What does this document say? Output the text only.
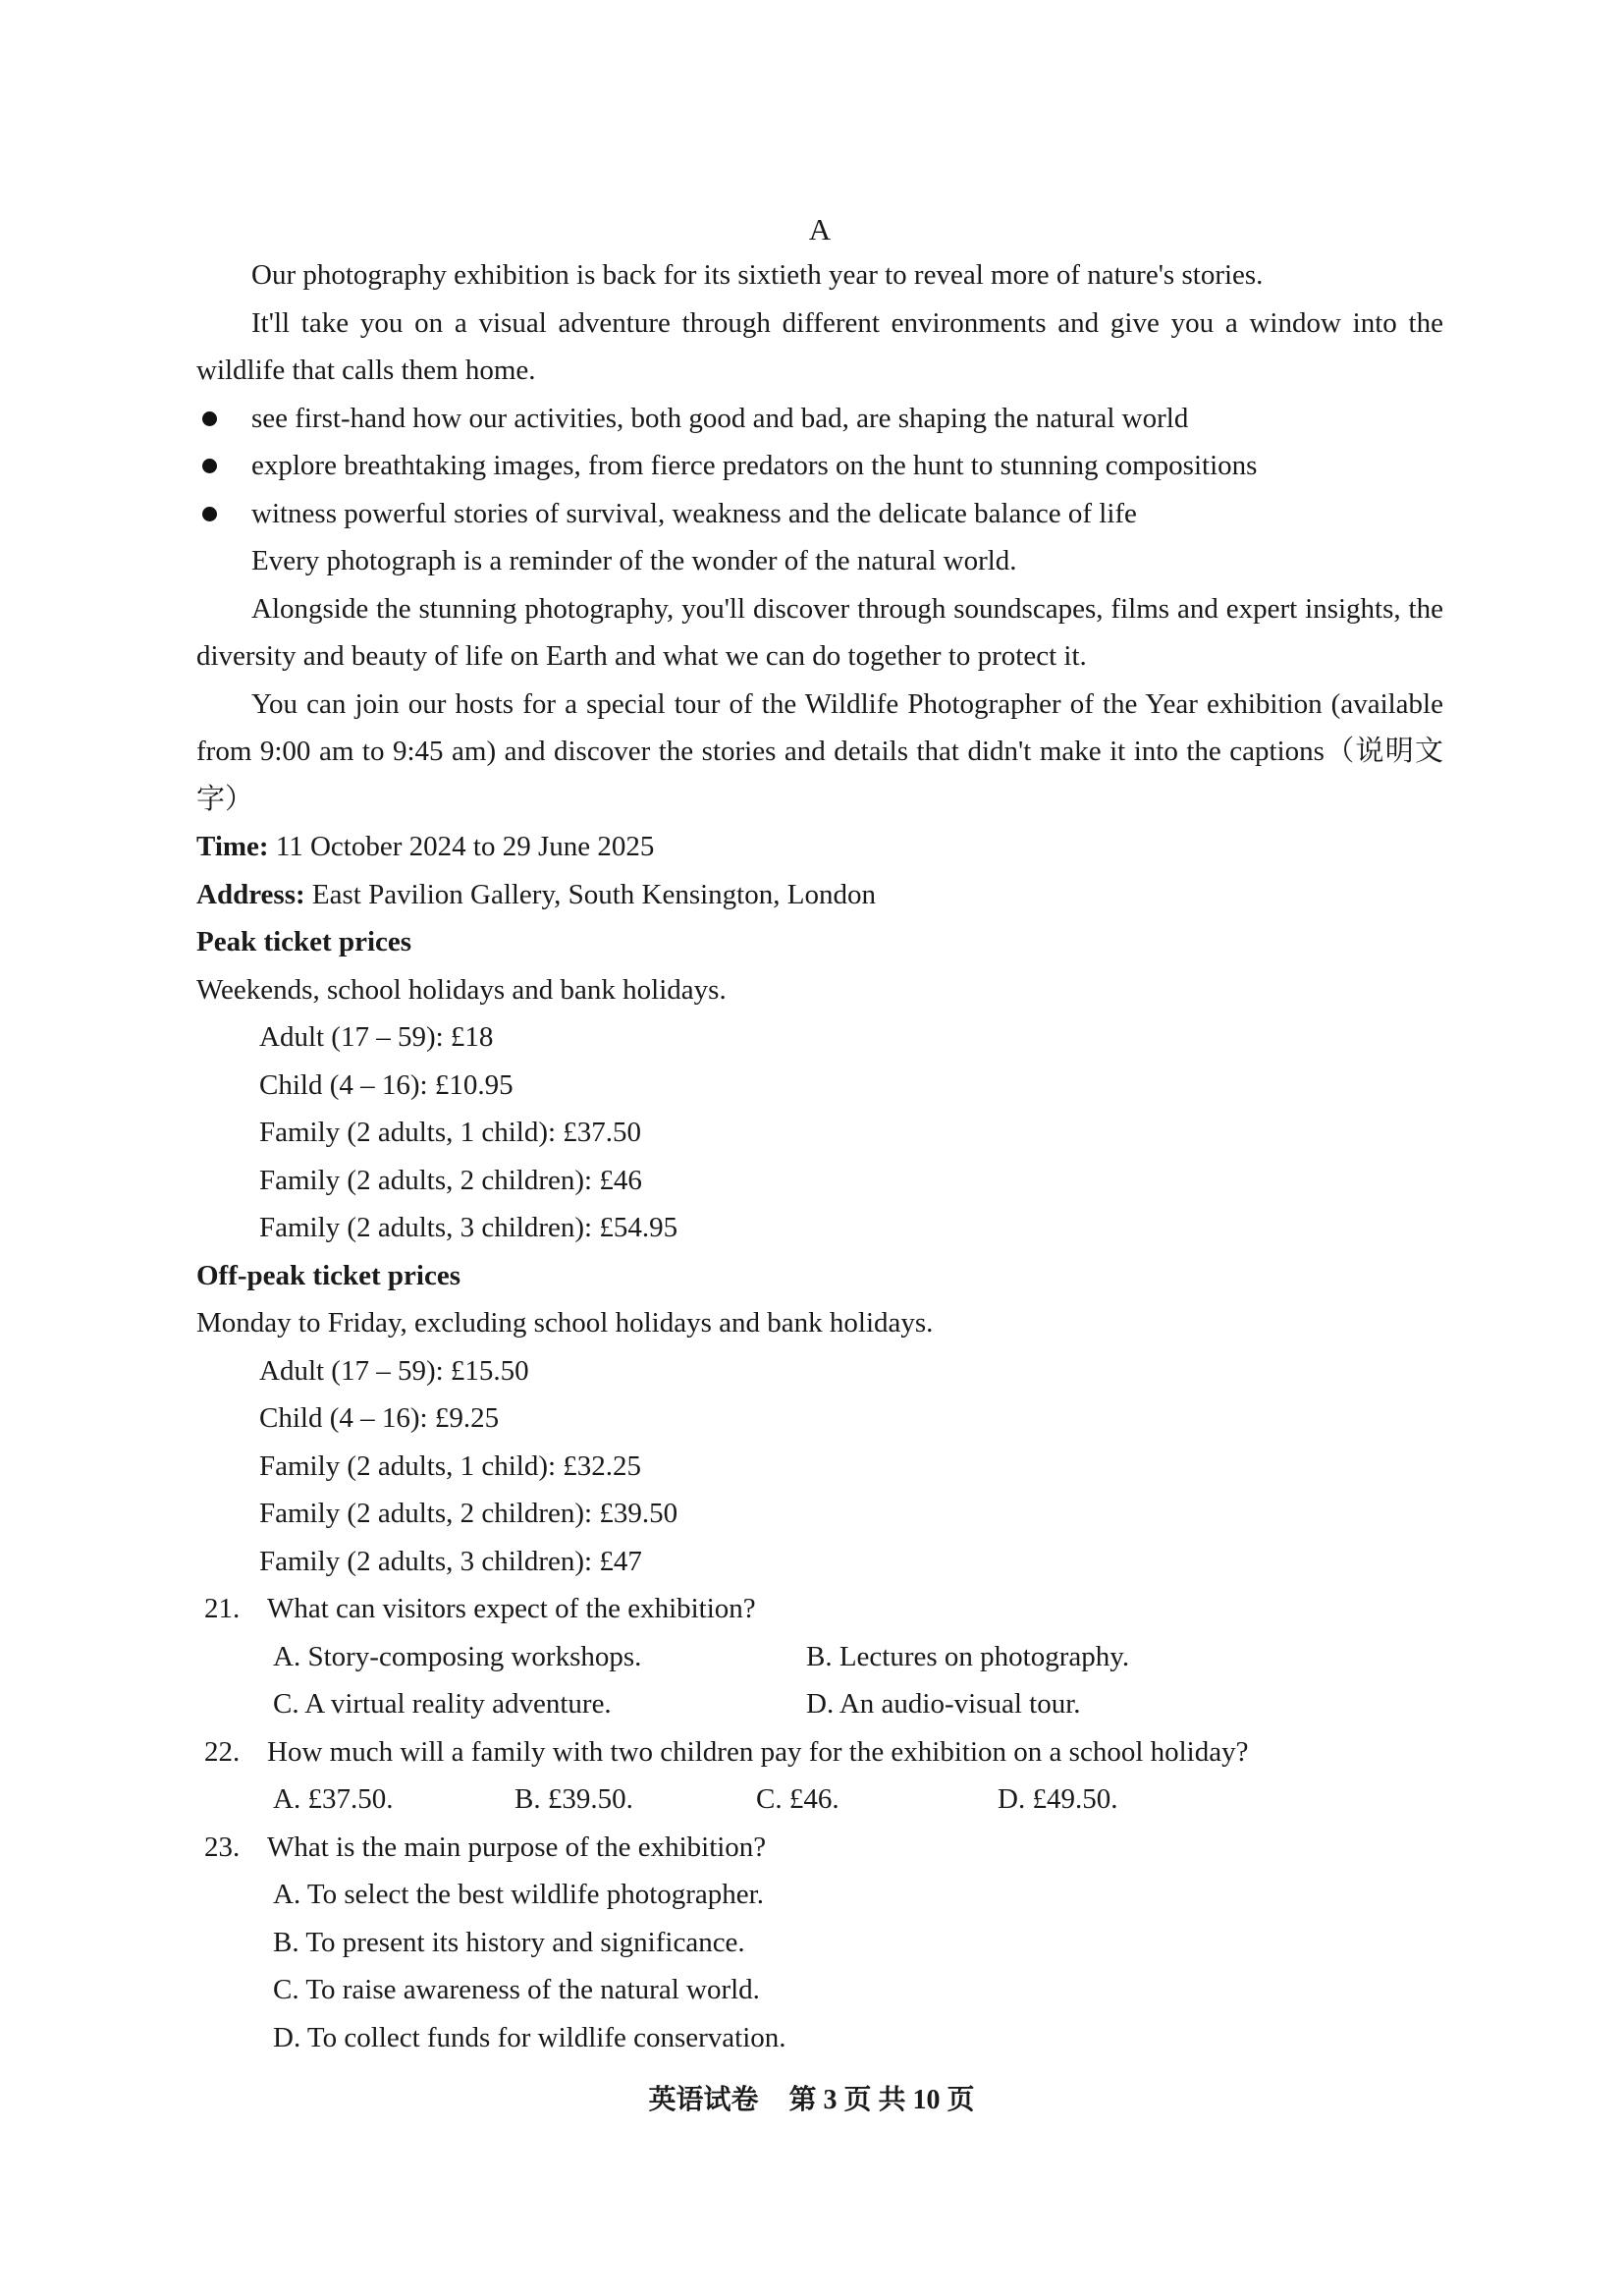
A

Our photography exhibition is back for its sixtieth year to reveal more of nature's stories.

It'll take you on a visual adventure through different environments and give you a window into the wildlife that calls them home.

see first-hand how our activities, both good and bad, are shaping the natural world
explore breathtaking images, from fierce predators on the hunt to stunning compositions
witness powerful stories of survival, weakness and the delicate balance of life

Every photograph is a reminder of the wonder of the natural world.

Alongside the stunning photography, you'll discover through soundscapes, films and expert insights, the diversity and beauty of life on Earth and what we can do together to protect it.

You can join our hosts for a special tour of the Wildlife Photographer of the Year exhibition (available from 9:00 am to 9:45 am) and discover the stories and details that didn't make it into the captions（说明文字）

Time: 11 October 2024 to 29 June 2025
Address: East Pavilion Gallery, South Kensington, London
Peak ticket prices
Weekends, school holidays and bank holidays.
Adult (17 – 59): £18
Child (4 – 16): £10.95
Family (2 adults, 1 child): £37.50
Family (2 adults, 2 children): £46
Family (2 adults, 3 children): £54.95
Off-peak ticket prices
Monday to Friday, excluding school holidays and bank holidays.
Adult (17 – 59): £15.50
Child (4 – 16): £9.25
Family (2 adults, 1 child): £32.25
Family (2 adults, 2 children): £39.50
Family (2 adults, 3 children): £47
21. What can visitors expect of the exhibition?
A. Story-composing workshops.	B. Lectures on photography.
C. A virtual reality adventure.	D. An audio-visual tour.
22. How much will a family with two children pay for the exhibition on a school holiday?
A. £37.50.	B. £39.50.	C. £46.	D. £49.50.
23. What is the main purpose of the exhibition?
A. To select the best wildlife photographer.
B. To present its history and significance.
C. To raise awareness of the natural world.
D. To collect funds for wildlife conservation.
英语试卷 第 3 页 共 10 页
